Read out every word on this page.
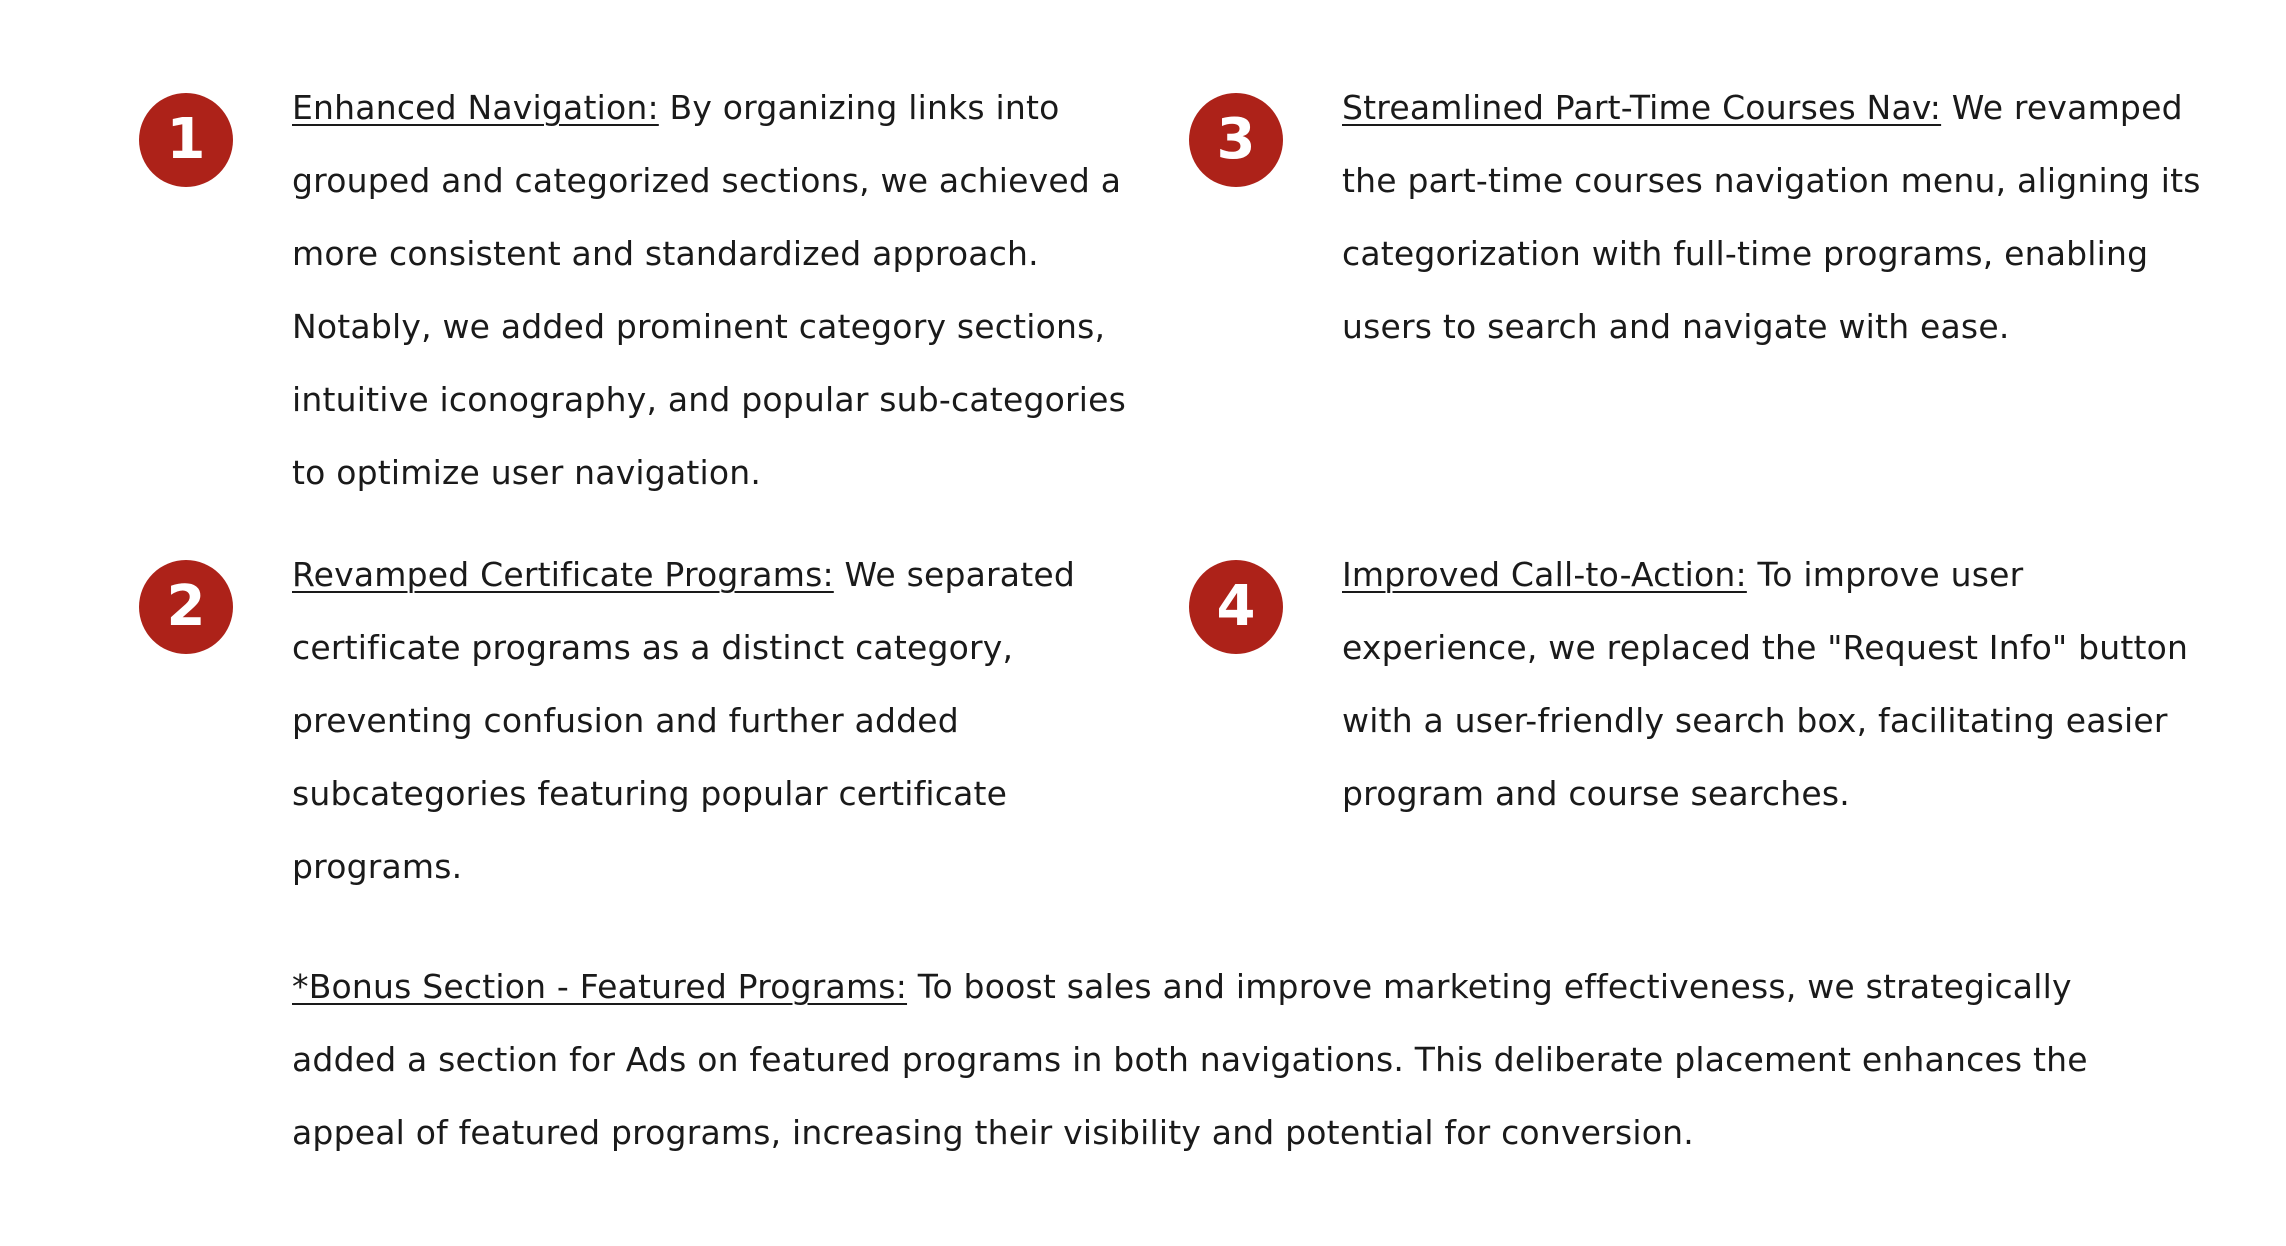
1	Enhanced Navigation: By organizing links into grouped and categorized sections, we achieved a more consistent and standardized approach. Notably, we added prominent category sections, intuitive iconography, and popular sub-categories to optimize user navigation.

3	Streamlined Part-Time Courses Nav: We revamped the part-time courses navigation menu, aligning its categorization with full-time programs, enabling users to search and navigate with ease.

2	Revamped Certificate Programs: We separated certificate programs as a distinct category, preventing confusion and further added subcategories featuring popular certificate programs.

4	Improved Call-to-Action: To improve user experience, we replaced the "Request Info" button with a user-friendly search box, facilitating easier program and course searches.

*Bonus Section - Featured Programs: To boost sales and improve marketing effectiveness, we strategically added a section for Ads on featured programs in both navigations. This deliberate placement enhances the appeal of featured programs, increasing their visibility and potential for conversion.
